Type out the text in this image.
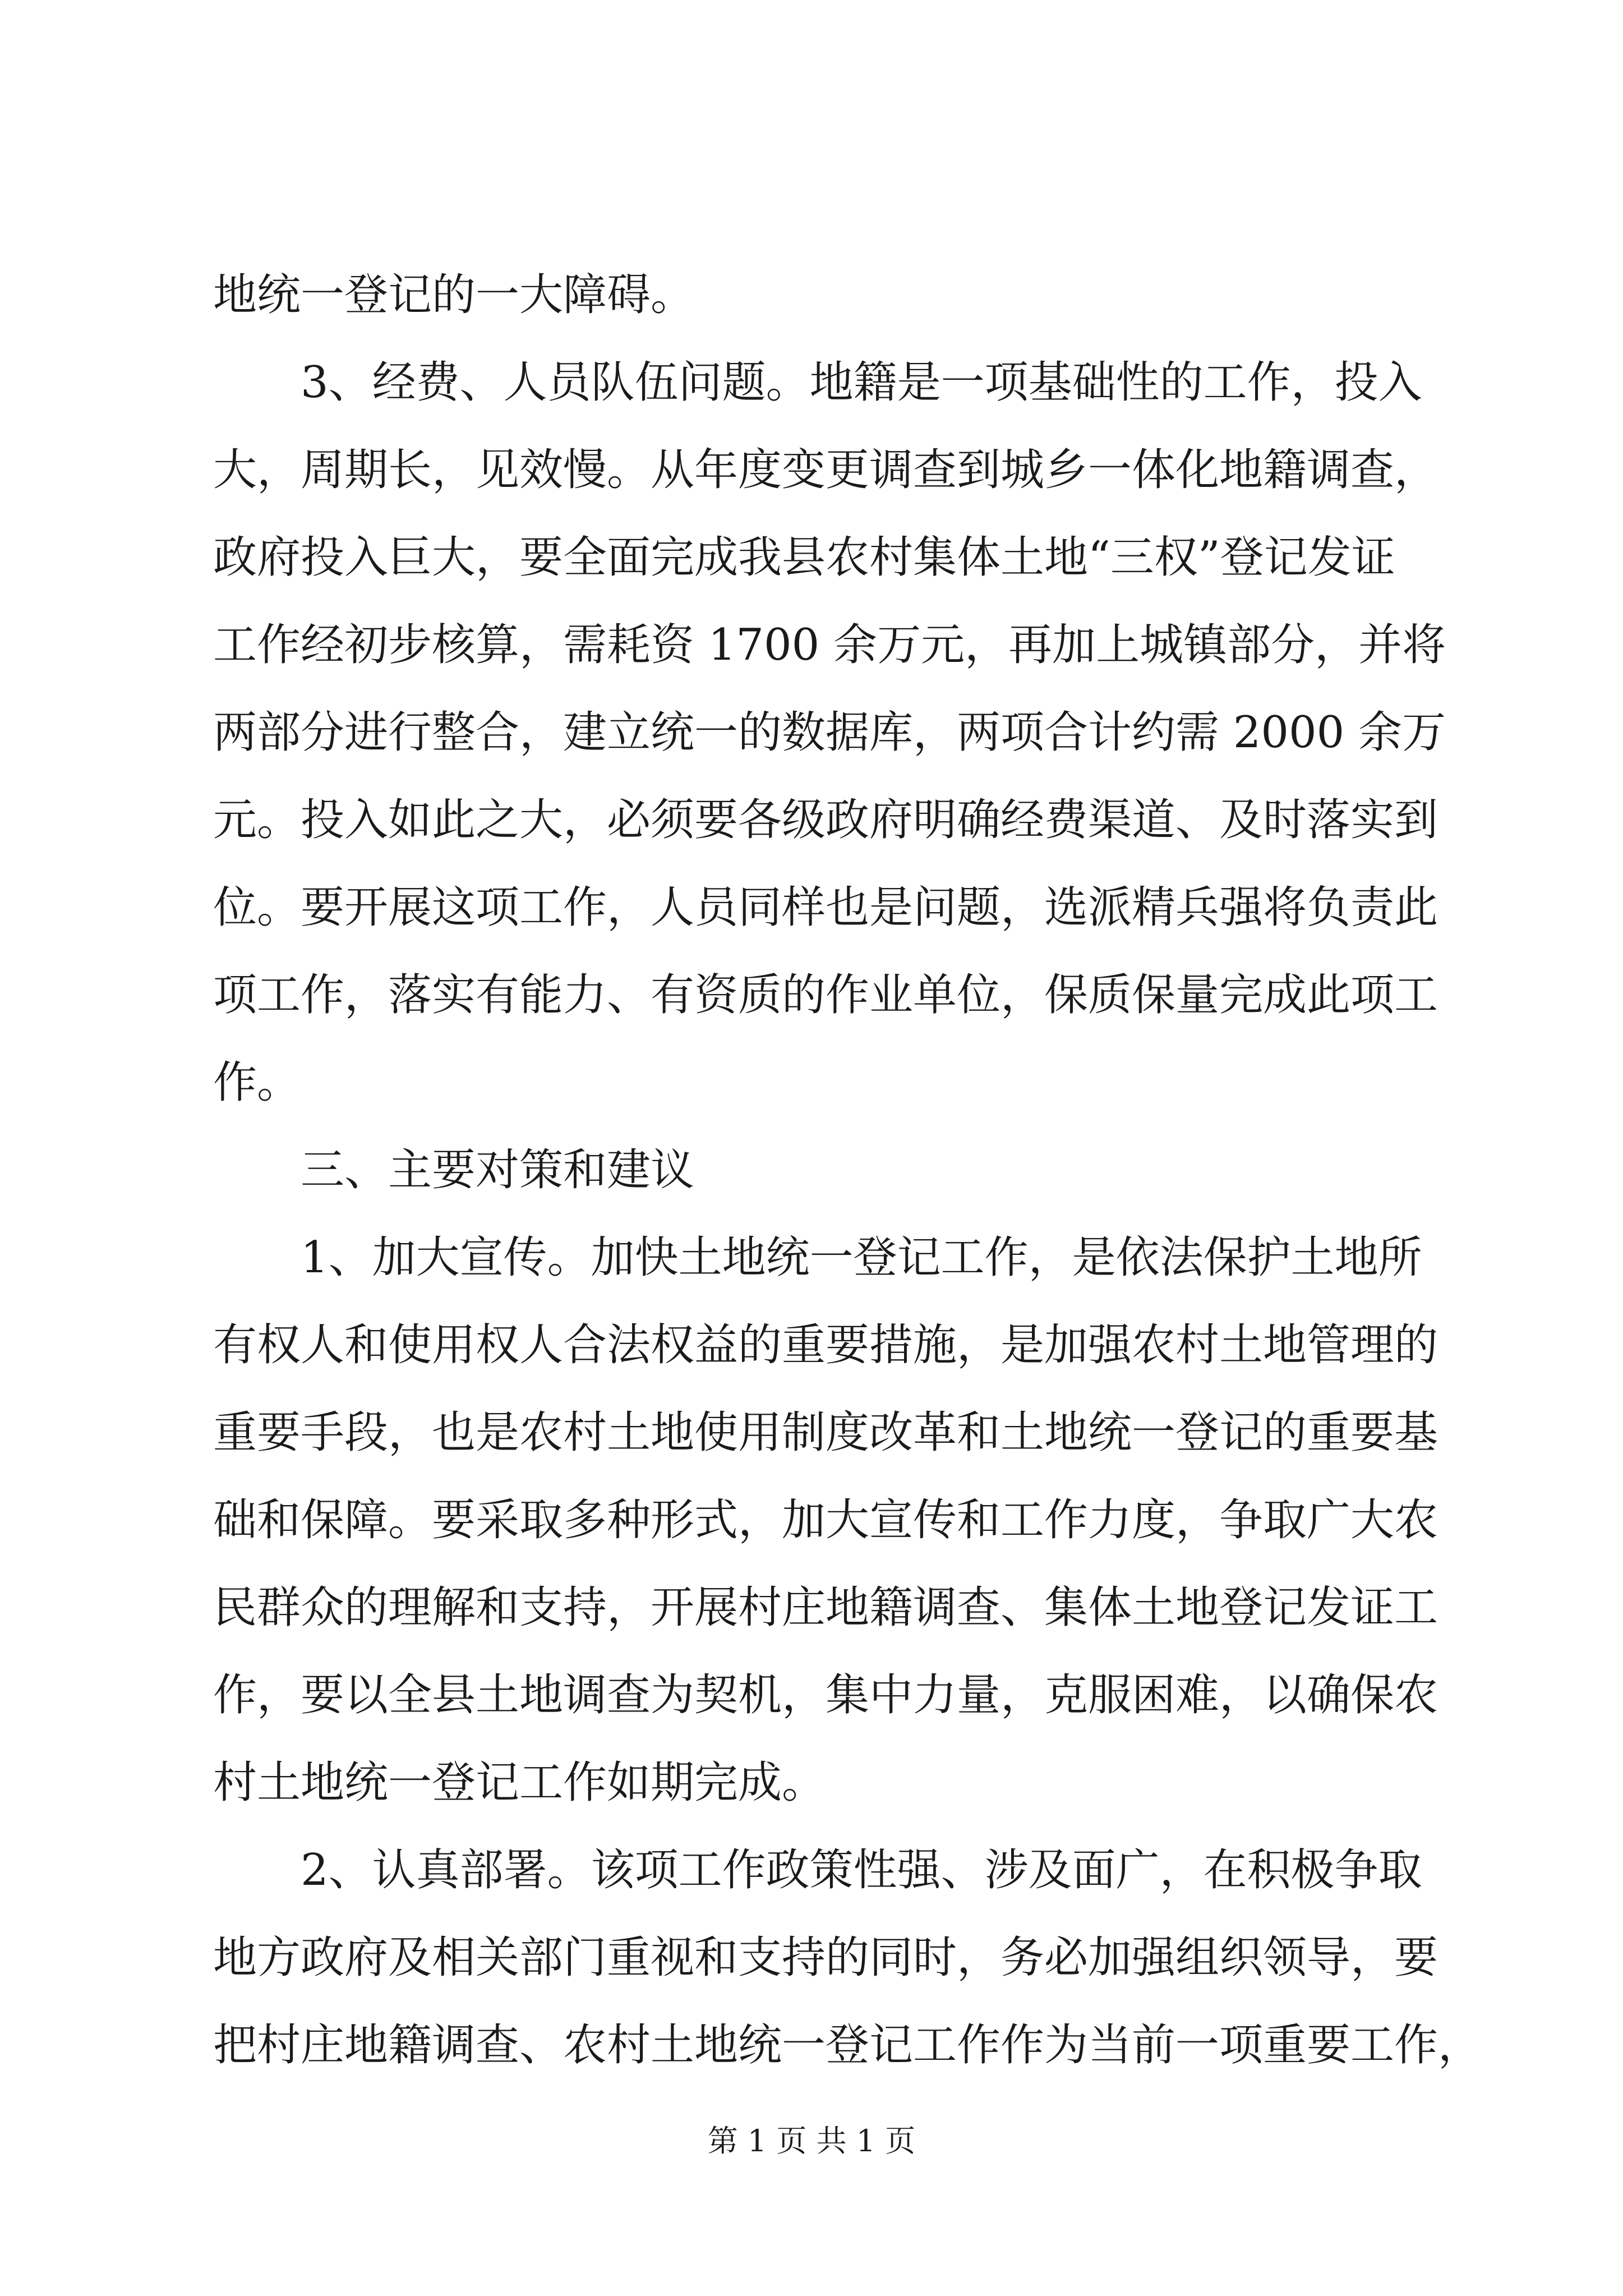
地统一登记的一大障碍。
3、经费、人员队伍问题。地籍是一项基础性的工作，投入
大，周期长，见效慢。从年度变更调查到城乡一体化地籍调查，
政府投入巨大，要全面完成我县农村集体土地“三权”登记发证
工作经初步核算，需耗资 1700 余万元，再加上城镇部分，并将
两部分进行整合，建立统一的数据库，两项合计约需 2000 余万
元。投入如此之大，必须要各级政府明确经费渠道、及时落实到
位。要开展这项工作，人员同样也是问题，选派精兵强将负责此
项工作，落实有能力、有资质的作业单位，保质保量完成此项工
作。
三、主要对策和建议
1、加大宣传。加快土地统一登记工作，是依法保护土地所
有权人和使用权人合法权益的重要措施，是加强农村土地管理的
重要手段，也是农村土地使用制度改革和土地统一登记的重要基
础和保障。要采取多种形式，加大宣传和工作力度，争取广大农
民群众的理解和支持，开展村庄地籍调查、集体土地登记发证工
作，要以全县土地调查为契机，集中力量，克服困难，以确保农
村土地统一登记工作如期完成。
2、认真部署。该项工作政策性强、涉及面广，在积极争取
地方政府及相关部门重视和支持的同时，务必加强组织领导，要
把村庄地籍调查、农村土地统一登记工作作为当前一项重要工作，
第 1 页 共 1 页
